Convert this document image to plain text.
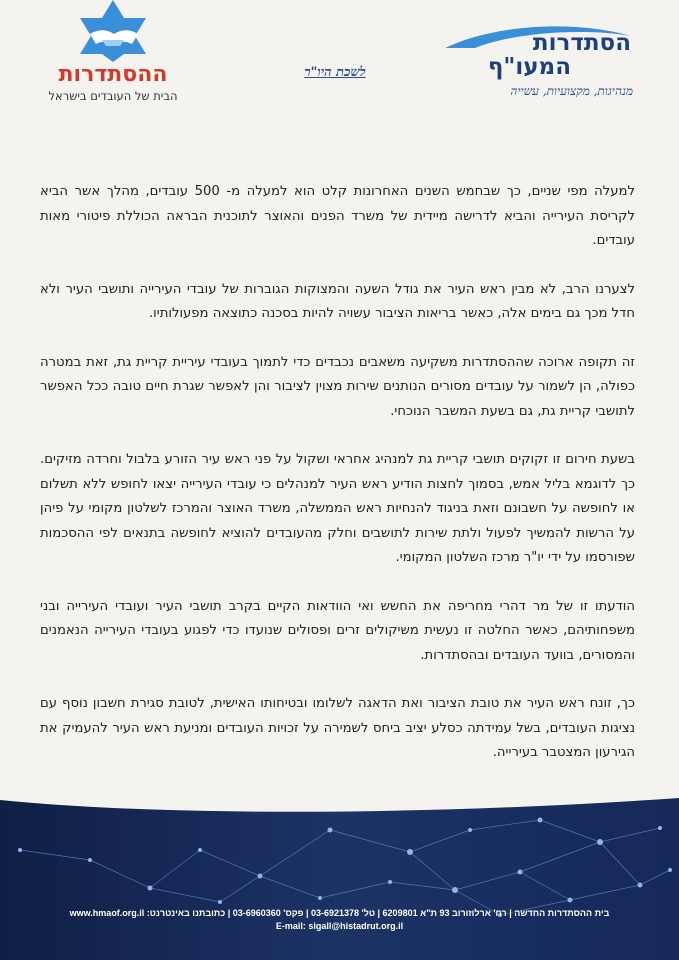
הסתדרות
המעו"ף
מנהיגות, מקצועיות, עשייה
ההסתדרות
הבית של העובדים בישראל
לשכת היו"ר

למעלה מפי שניים, כך שבחמש השנים האחרונות קלט הוא למעלה מ- 500 עובדים, מהלך אשר הביא לקריסת העירייה והביא לדרישה מיידית של משרד הפנים והאוצר לתוכנית הבראה הכוללת פיטורי מאות עובדים.

לצערנו הרב, לא מבין ראש העיר את גודל השעה והמצוקות הגוברות של עובדי העירייה ותושבי העיר ולא חדל מכך גם בימים אלה, כאשר בריאות הציבור עשויה להיות בסכנה כתוצאה מפעולותיו.

זה תקופה ארוכה שההסתדרות משקיעה משאבים נכבדים כדי לתמוך בעובדי עיריית קריית גת, זאת במטרה כפולה, הן לשמור על עובדים מסורים הנותנים שירות מצוין לציבור והן לאפשר שגרת חיים טובה ככל האפשר לתושבי קריית גת, גם בשעת המשבר הנוכחי.

בשעת חירום זו זקוקים תושבי קריית גת למנהיג אחראי ושקול על פני ראש עיר הזורע בלבול וחרדה מזיקים. כך לדוגמא בליל אמש, בסמוך לחצות הודיע ראש העיר למנהלים כי עובדי העירייה יצאו לחופש ללא תשלום או לחופשה על חשבונם וזאת בניגוד להנחיות ראש הממשלה, משרד האוצר והמרכז לשלטון מקומי על פיהן על הרשות להמשיך לפעול ולתת שירות לתושבים וחלק מהעובדים להוציא לחופשה בתנאים לפי ההסכמות שפורסמו על ידי יו"ר מרכז השלטון המקומי.

הודעתו זו של מר דהרי מחריפה את החשש ואי הוודאות הקיים בקרב תושבי העיר ועובדי העירייה ובני משפחותיהם, כאשר החלטה זו נעשית משיקולים זרים ופסולים שנועדו כדי לפגוע בעובדי העירייה הנאמנים והמסורים, בוועד העובדים ובהסתדרות.

כך, זונח ראש העיר את טובת הציבור ואת הדאגה לשלומו ובטיחותו האישית, לטובת סגירת חשבון נוסף עם נציגות העובדים, בשל עמידתה כסלע יציב ביחס לשמירה על זכויות העובדים ומניעת ראש העיר להעמיק את הגירעון המצטבר בעירייה.

בית ההסתדרות החדשה | רח' ארלוזורוב 93 ת"א 6209801 | טל' 03-6921378 | פקס' 03-6960360 | כתובתנו באינטרנט: www.hmaof.org.il
E-mail: sigall@histadrut.org.il
